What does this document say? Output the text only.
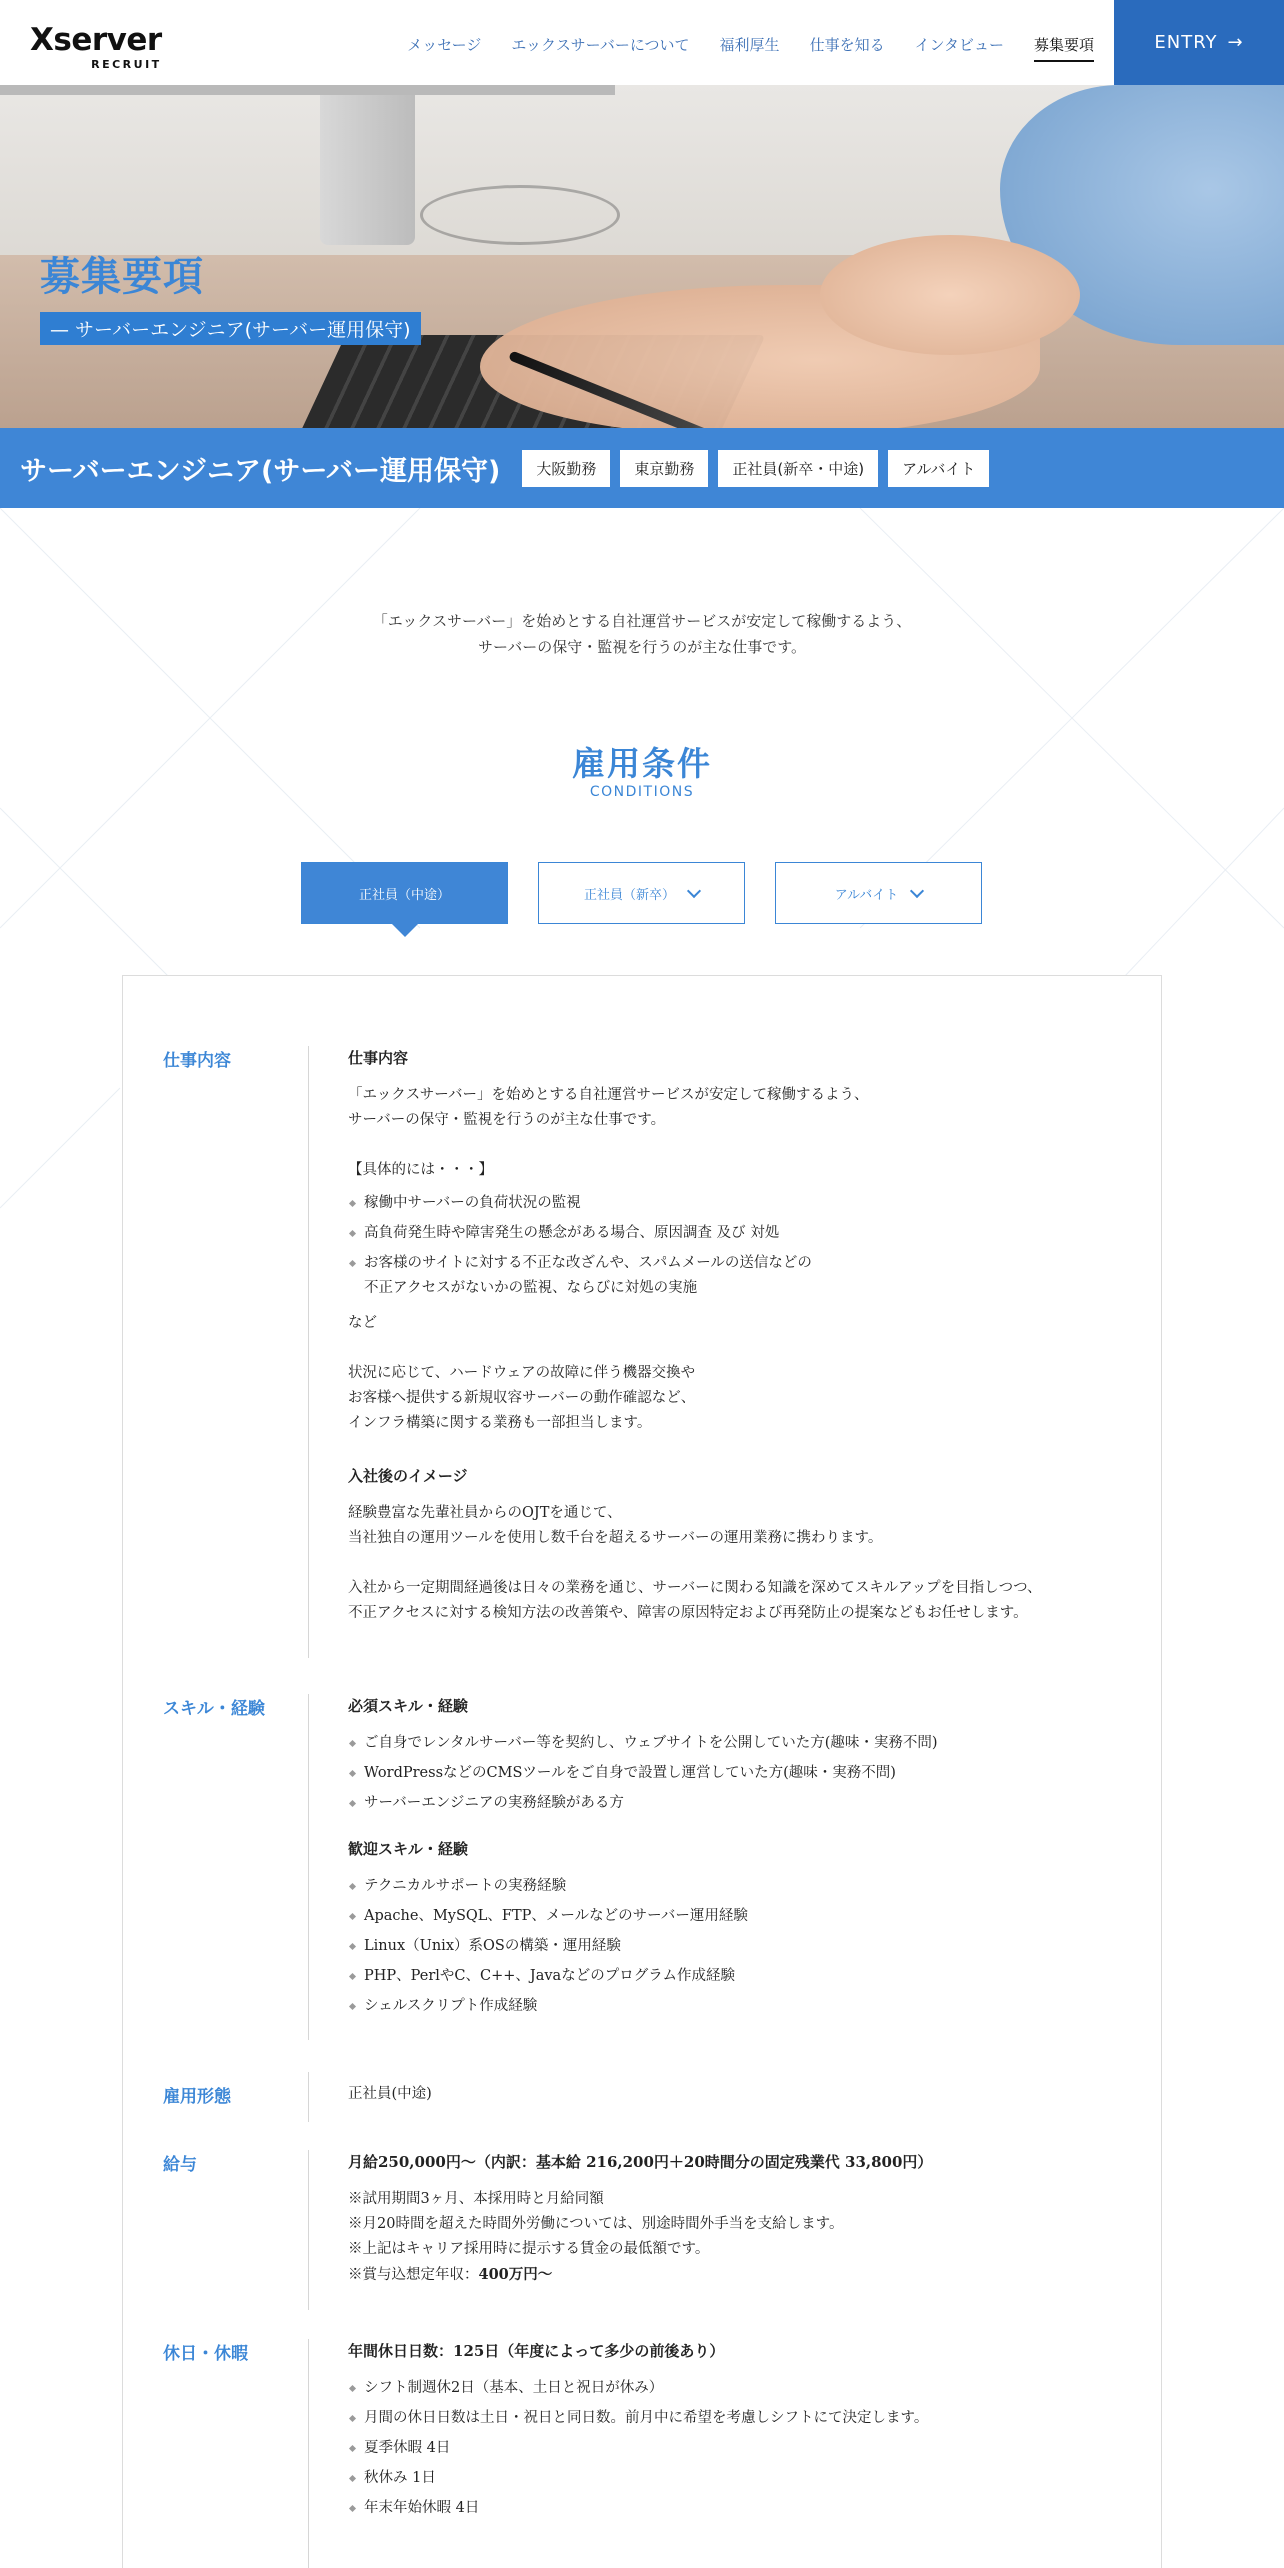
Xserver
RECRUIT
メッセージ エックスサーバーについて 福利厚生 仕事を知る インタビュー 募集要項	ENTRY →
募集要項
— サーバーエンジニア(サーバー運用保守)
サーバーエンジニア(サーバー運用保守)	大阪勤務	東京勤務	正社員(新卒・中途)	アルバイト

「エックスサーバー」を始めとする自社運営サービスが安定して稼働するよう、

サーバーの保守・監視を行うのが主な仕事です。

雇用条件
CONDITIONS
正社員（中途）	正社員（新卒）	アルバイト
仕事内容	仕事内容
「エックスサーバー」を始めとする自社運営サービスが安定して稼働するよう、
サーバーの保守・監視を行うのが主な仕事です。
【具体的には・・・】
稼働中サーバーの負荷状況の監視
高負荷発生時や障害発生の懸念がある場合、原因調査 及び 対処
お客様のサイトに対する不正な改ざんや、スパムメールの送信などの
不正アクセスがないかの監視、ならびに対処の実施
など
状況に応じて、ハードウェアの故障に伴う機器交換や
お客様へ提供する新規収容サーバーの動作確認など、
インフラ構築に関する業務も一部担当します。
入社後のイメージ
経験豊富な先輩社員からのOJTを通じて、
当社独自の運用ツールを使用し数千台を超えるサーバーの運用業務に携わります。
入社から一定期間経過後は日々の業務を通じ、サーバーに関わる知識を深めてスキルアップを目指しつつ、
不正アクセスに対する検知方法の改善策や、障害の原因特定および再発防止の提案などもお任せします。
スキル・経験	必須スキル・経験
ご自身でレンタルサーバー等を契約し、ウェブサイトを公開していた方(趣味・実務不問)
WordPressなどのCMSツールをご自身で設置し運営していた方(趣味・実務不問)
サーバーエンジニアの実務経験がある方
歓迎スキル・経験
テクニカルサポートの実務経験
Apache、MySQL、FTP、メールなどのサーバー運用経験
Linux（Unix）系OSの構築・運用経験
PHP、PerlやC、C++、Javaなどのプログラム作成経験
シェルスクリプト作成経験
雇用形態	正社員(中途)
給与	月給250,000円～（内訳：基本給 216,200円＋20時間分の固定残業代 33,800円）
※試用期間3ヶ月、本採用時と月給同額
※月20時間を超えた時間外労働については、別途時間外手当を支給します。
※上記はキャリア採用時に提示する賃金の最低額です。
※賞与込想定年収：400万円～
休日・休暇	年間休日日数：125日（年度によって多少の前後あり）
シフト制週休2日（基本、土日と祝日が休み）
月間の休日日数は土日・祝日と同日数。前月中に希望を考慮しシフトにて決定します。
夏季休暇 4日
秋休み 1日
年末年始休暇 4日
